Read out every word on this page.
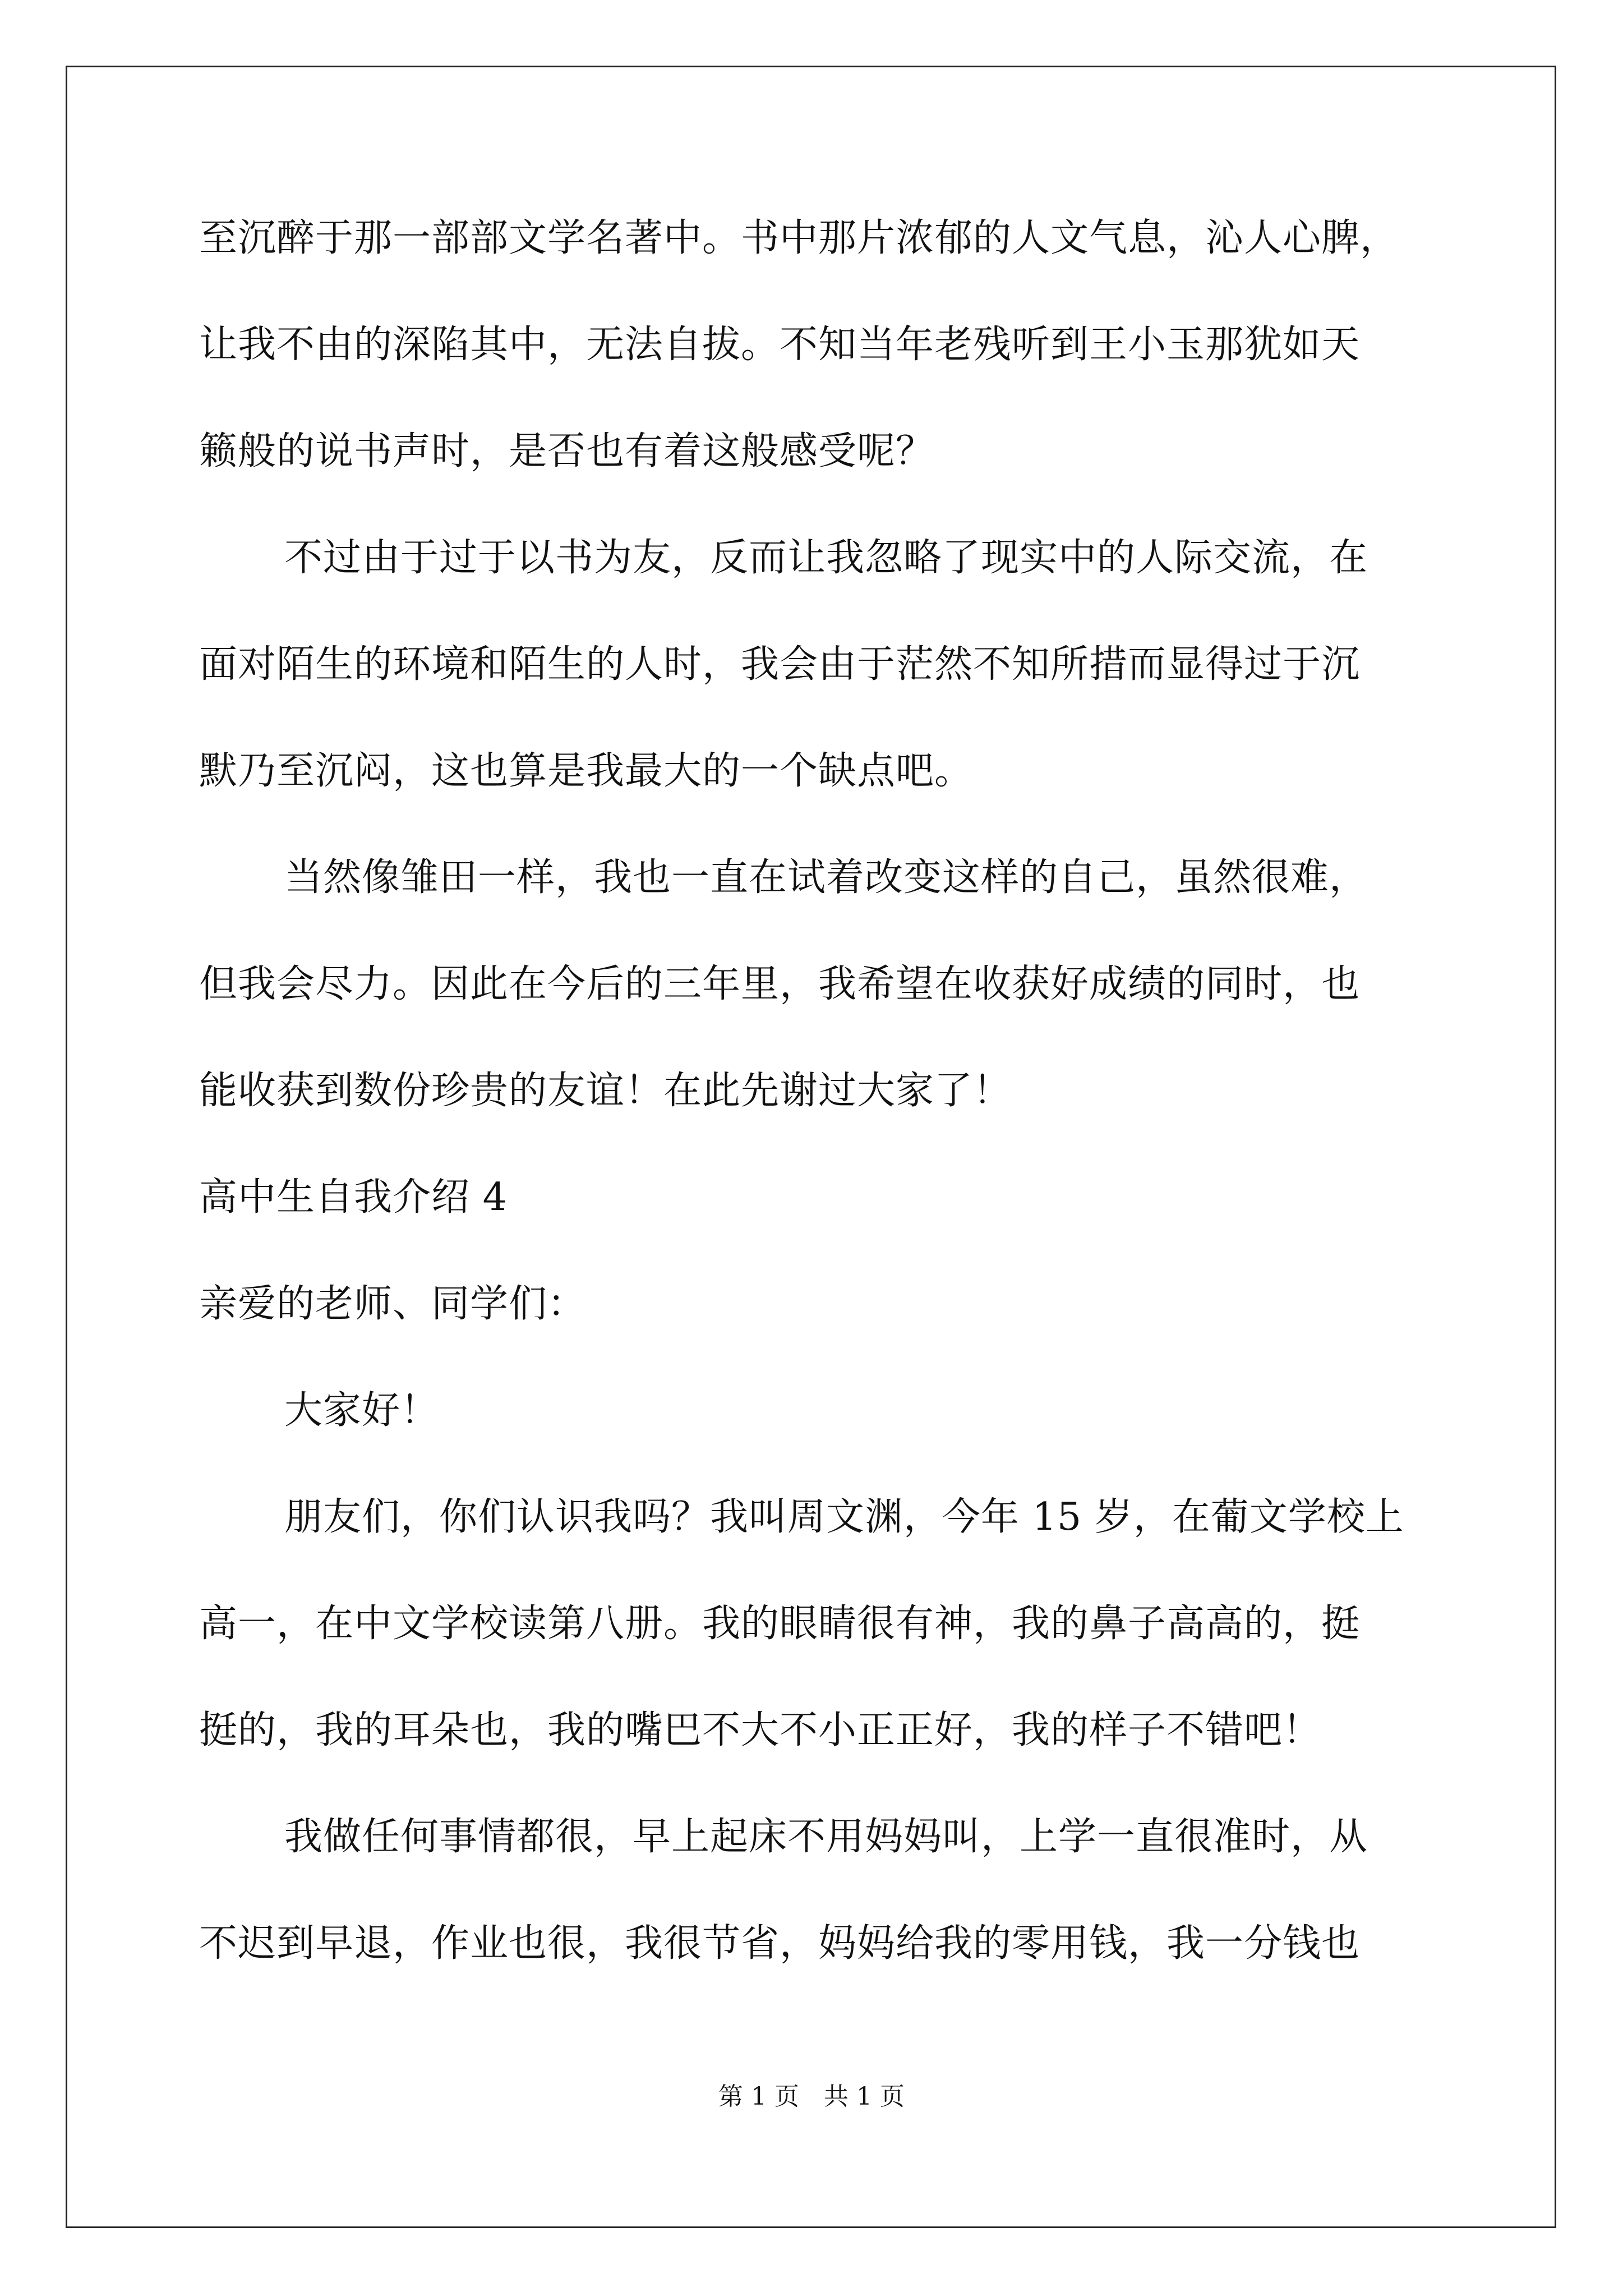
至沉醉于那一部部文学名著中。书中那片浓郁的人文气息，沁人心脾，
让我不由的深陷其中，无法自拔。不知当年老残听到王小玉那犹如天
籁般的说书声时，是否也有着这般感受呢？
不过由于过于以书为友，反而让我忽略了现实中的人际交流，在
面对陌生的环境和陌生的人时，我会由于茫然不知所措而显得过于沉
默乃至沉闷，这也算是我最大的一个缺点吧。
当然像雏田一样，我也一直在试着改变这样的自己，虽然很难，
但我会尽力。因此在今后的三年里，我希望在收获好成绩的同时，也
能收获到数份珍贵的友谊！在此先谢过大家了！
高中生自我介绍 4
亲爱的老师、同学们：
大家好！
朋友们，你们认识我吗？我叫周文渊，今年 15 岁，在葡文学校上
高一，在中文学校读第八册。我的眼睛很有神，我的鼻子高高的，挺
挺的，我的耳朵也，我的嘴巴不大不小正正好，我的样子不错吧！
我做任何事情都很，早上起床不用妈妈叫，上学一直很准时，从
不迟到早退，作业也很，我很节省，妈妈给我的零用钱，我一分钱也
第 1 页　共 1 页
